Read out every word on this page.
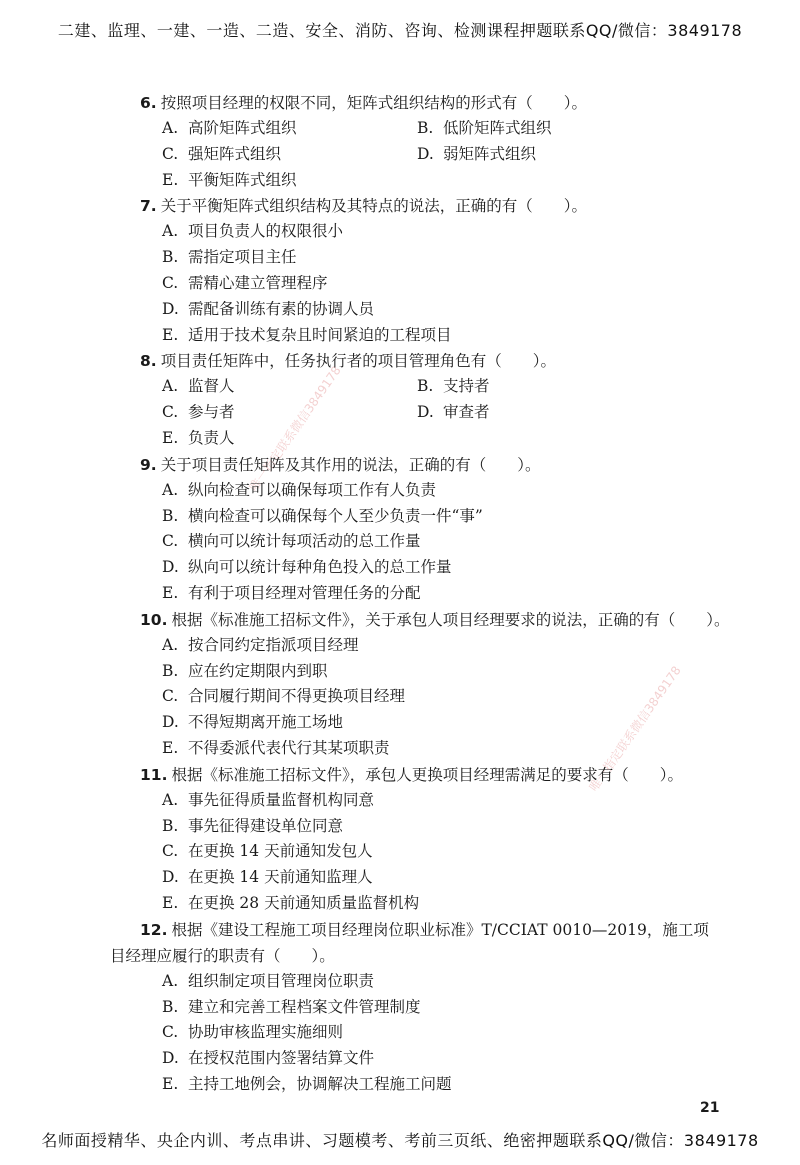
二建、监理、一建、一造、二造、安全、消防、咨询、检测课程押题联系QQ/微信：3849178
唯一指定联系微信3849178
唯一指定联系微信3849178

6. 按照项目经理的权限不同，矩阵式组织结构的形式有（　　）。

A. 高阶矩阵式组织	B. 低阶矩阵式组织
C. 强矩阵式组织	D. 弱矩阵式组织
E. 平衡矩阵式组织

7. 关于平衡矩阵式组织结构及其特点的说法，正确的有（　　）。

A. 项目负责人的权限很小
B. 需指定项目主任
C. 需精心建立管理程序
D. 需配备训练有素的协调人员
E. 适用于技术复杂且时间紧迫的工程项目

8. 项目责任矩阵中，任务执行者的项目管理角色有（　　）。

A. 监督人	B. 支持者
C. 参与者	D. 审查者
E. 负责人

9. 关于项目责任矩阵及其作用的说法，正确的有（　　）。

A. 纵向检查可以确保每项工作有人负责
B. 横向检查可以确保每个人至少负责一件“事”
C. 横向可以统计每项活动的总工作量
D. 纵向可以统计每种角色投入的总工作量
E. 有利于项目经理对管理任务的分配

10. 根据《标准施工招标文件》，关于承包人项目经理要求的说法，正确的有（　　）。

A. 按合同约定指派项目经理
B. 应在约定期限内到职
C. 合同履行期间不得更换项目经理
D. 不得短期离开施工场地
E. 不得委派代表代行其某项职责

11. 根据《标准施工招标文件》，承包人更换项目经理需满足的要求有（　　）。

A. 事先征得质量监督机构同意
B. 事先征得建设单位同意
C. 在更换 14 天前通知发包人
D. 在更换 14 天前通知监理人
E. 在更换 28 天前通知质量监督机构

12. 根据《建设工程施工项目经理岗位职业标准》T/CCIAT 0010—2019，施工项
目经理应履行的职责有（　　）。

A. 组织制定项目管理岗位职责
B. 建立和完善工程档案文件管理制度
C. 协助审核监理实施细则
D. 在授权范围内签署结算文件
E. 主持工地例会，协调解决工程施工问题
21
名师面授精华、央企内训、考点串讲、习题模考、考前三页纸、绝密押题联系QQ/微信：3849178
